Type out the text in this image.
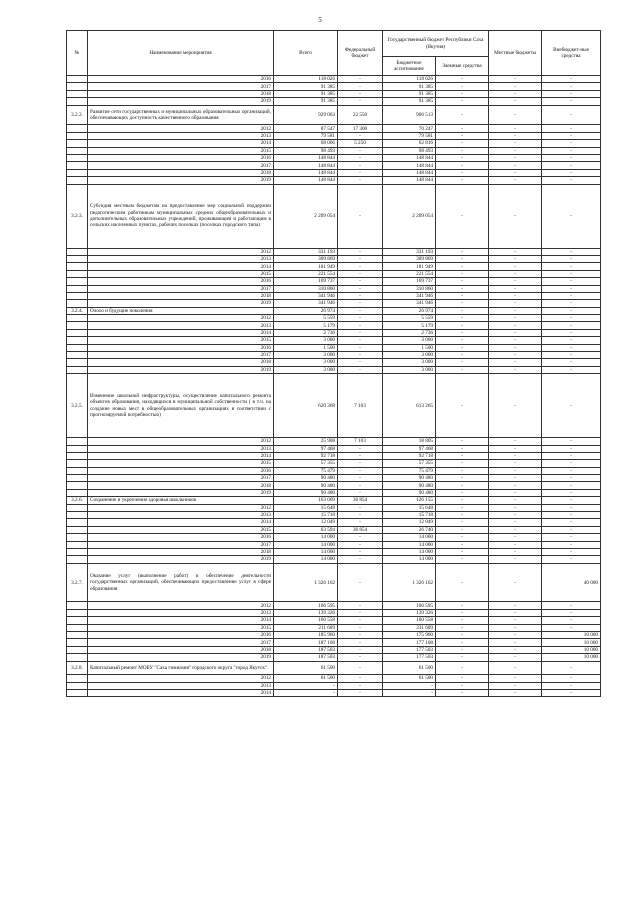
5
№	Наименование мероприятия	Всего	Федеральный бюджет	Государственный бюджет Республики Саха (Якутия)		Местные бюджеты	Внебюджет-ные средства
				Бюджетное ассигнование	Заемные средства		
	2016	118 026	-	118 026	-	-	-
	2017	91 385	-	91 385	-	-	-
	2018	91 385	-	91 385	-	-	-
	2019	91 385	-	91 385	-	-	-
3.2.2.	Развитие сети государственных и муниципальных образовательных организаций, обеспечивающих доступность качественного образования	929 063	22 550	906 513	-	-	-
	2012	87 547	17 300	70 247	-	-	-
	2013	79 581	-	79 581	-	-	-
	2014	68 066	5 250	62 816	-	-	-
	2015	98 493	-	98 493	-	-	-
	2016	148 844	-	148 844	-	-	-
	2017	148 844	-	148 844	-	-	-
	2018	148 844	-	148 844	-	-	-
	2019	148 844	-	148 844	-	-	-
3.2.3.	Субсидия местным бюджетам на предоставление мер социальной поддержки педагогическим работникам муниципальных средних общеобразовательных и дополнительных образовательных учреждений, проживающим и работающим в сельских населенных пунктах, рабочих поселках (поселках городского типа)	2 209 054	-	2 209 054	-	-	-
	2012	331 193	-	331 193	-	-	-
	2013	309 869	-	309 869	-	-	-
	2014	181 949	-	181 949	-	-	-
	2015	221 554	-	221 554	-	-	-
	2016	169 737	-	169 737	-	-	-
	2017	310 860	-	310 860	-	-	-
	2018	341 946	-	341 946	-	-	-
	2019	341 946	-	341 946	-	-	-
3.2.4.	Олохо и будущие поколения	26 974	-	26 974	-	-	-
	2012	5 559	-	5 559	-	-	-
	2013	5 179	-	5 179	-	-	-
	2014	2 736	-	2 736	-	-	-
	2015	3 000	-	3 000	-	-	-
	2016	1 500	-	1 500	-	-	-
	2017	3 000	-	3 000	-	-	-
	2018	3 000	-	3 000	-	-	-
	2019	3 000	-	3 000	-	-	-
3.2.5.	Изменение школьной инфраструктуры, осуществление капитального ремонта объектов образования, находящихся в муниципальной собственности ( в т.ч. на создание новых мест в общеобразовательных организациях в соответствии с прогнозируемой потребностью)	620 368	7 103	613 265	-	-	-
	2012	25 908	7 103	18 805	-	-	-
	2013	97 468	-	97 468	-	-	-
	2014	92 718	-	92 718	-	-	-
	2015	57 355	-	57 355	-	-	-
	2016	75 479	-	75 479	-	-	-
	2017	90 480	-	90 480	-	-	-
	2018	90 480	-	90 480	-	-	-
	2019	90 480	-	90 480	-	-	-
3.2.6.	Сохранение и укрепление здоровья школьников	163 009	36 854	126 155	-	-	-
	2012	15 648	-	15 648	-	-	-
	2013	15 718	-	15 718	-	-	-
	2014	12 049	-	12 049	-	-	-
	2015	63 594	36 854	26 740	-	-	-
	2016	14 000	-	14 000	-	-	-
	2017	14 000	-	14 000	-	-	-
	2018	14 000	-	14 000	-	-	-
	2019	14 000	-	14 000	-	-	-
3.2.7.	Оказание услуг (выполнение работ) и обеспечение деятельности государственных организаций, обеспечивающих предоставление услуг в сфере образования	1 326 162	-	1 326 162	-	-	40 000
	2012	106 595	-	106 595	-	-	-
	2013	139 326	-	139 326	-	-	-
	2014	160 558	-	160 558	-	-	-
	2015	211 609	-	211 609	-	-	-
	2016	185 960	-	175 960	-	-	10 000
	2017	187 108	-	177 108	-	-	10 000
	2018	187 503	-	177 503	-	-	10 000
	2019	187 503	-	177 503	-	-	10 000
3.2.8.	Капитальный ремонт МОБУ "Саха гимназия" городского округа "город Якутск"	61 500	-	61 500	-	-	-
	2012	61 500	-	61 500	-	-	-
	2013	-	-	-	-	-	-
	2014	-	-	-	-	-	-
